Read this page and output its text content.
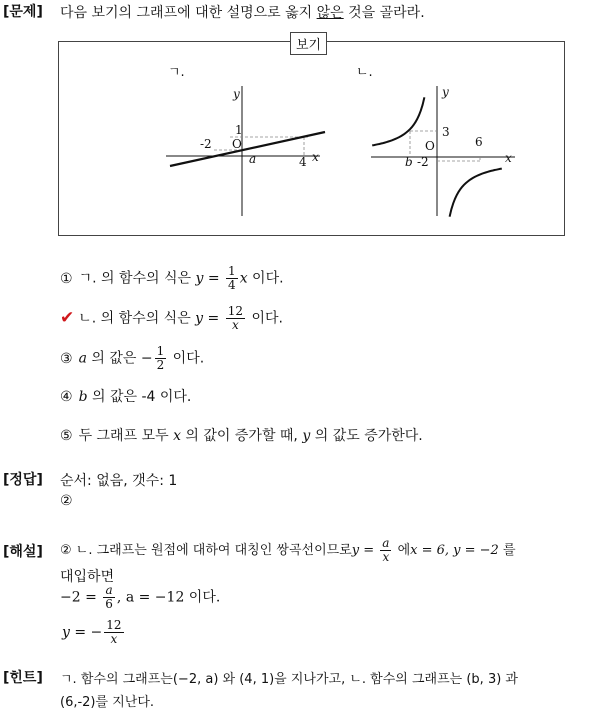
[문제] 다음 보기의 그래프에 대한 설명으로 옳지 않은 것을 골라라.
보기
ㄱ.	ㄴ.
y
x
O
-2
1
a	4
y
x
O
3
6
b -2
① ㄱ. 의 함수의 식은 $y = \frac{1}{4}$ x 이다.
✔ ㄴ. 의 함수의 식은 $y = \frac{12}{x}$ 이다.
③ a 의 값은 − $\frac{1}{2}$ 이다.
④ b 의 값은 -4 이다.
⑤ 두 그래프 모두 x 의 값이 증가할 때, y 의 값도 증가한다.
[정답] 순서: 없음, 갯수: 1
②
[해설] ② ㄴ. 그래프는 원점에 대하여 대칭인 쌍곡선이므로$y = \frac{a}{x}$ 에x = 6, y = −2 를
대입하면
$-2 = \frac{a}{6}$ , a = −12 이다.
y = − $\frac{12}{x}$
[힌트] ㄱ. 함수의 그래프는(−2, a) 와 (4, 1)을 지나가고, ㄴ. 함수의 그래프는 (b, 3) 과
(6,-2)를 지난다.
